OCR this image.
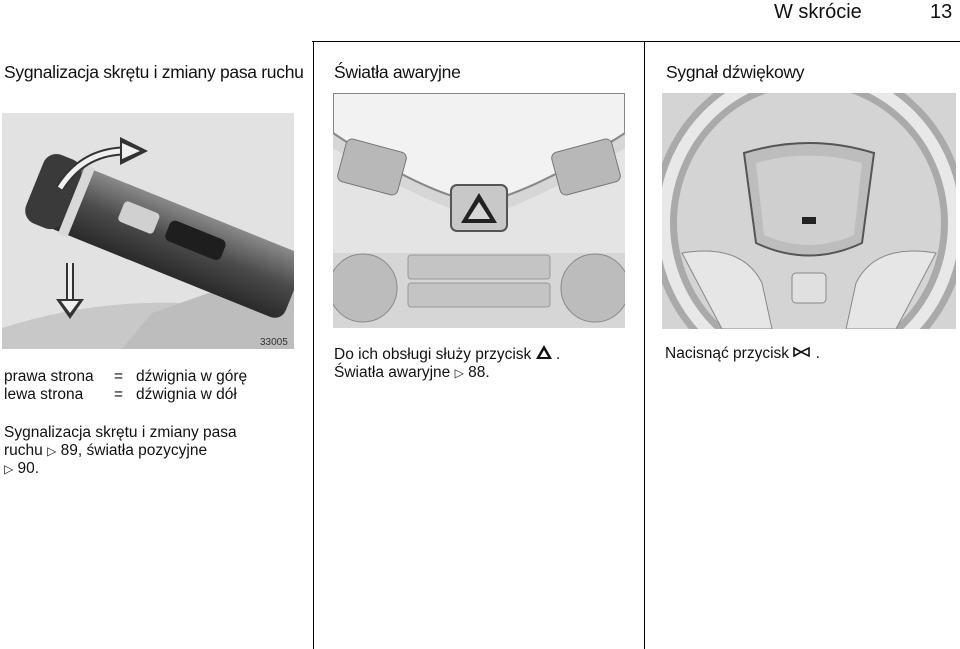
W skrócie	13
Sygnalizacja skrętu i zmiany pasa ruchu
33005
prawa strona	= dźwignia w górę
lewa strona	= dźwignia w dół
Sygnalizacja skrętu i zmiany pasa
ruchu ▷ 89, światła pozycyjne
▷ 90.
Światła awaryjne
Do ich obsługi służy przycisk .
Światła awaryjne ▷ 88.
Sygnał dźwiękowy
Nacisnąć przycisk .
